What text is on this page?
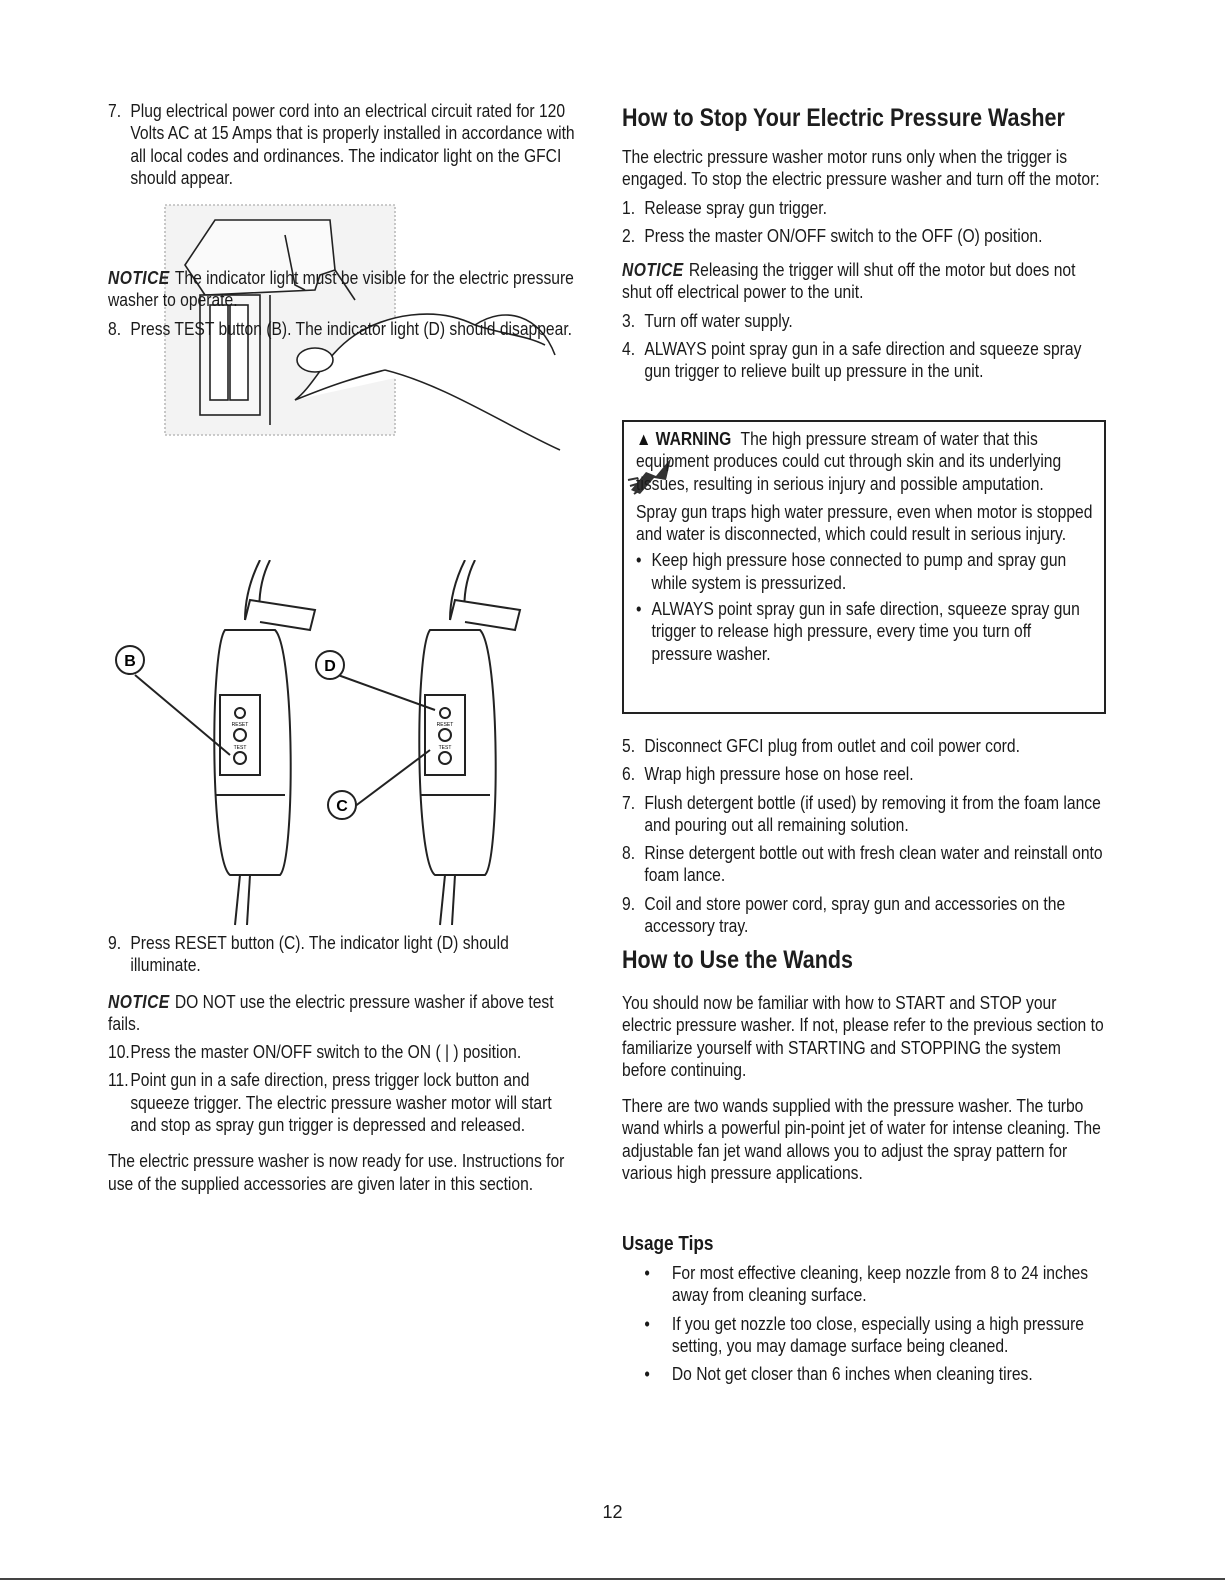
7. Plug electrical power cord into an electrical circuit rated for 120 Volts AC at 15 Amps that is properly installed in accordance with all local codes and ordinances. The indicator light on the GFCI should appear.

NOTICE The indicator light must be visible for the electric pressure washer to operate.

8. Press TEST button (B). The indicator light (D) should disappear.
B	D
C
RESET
TEST
RESET
TEST
9. Press RESET button (C). The indicator light (D) should illuminate.

NOTICE DO NOT use the electric pressure washer if above test fails.

10. Press the master ON/OFF switch to the ON ( | ) position.
11. Point gun in a safe direction, press trigger lock button and squeeze trigger. The electric pressure washer motor will start and stop as spray gun trigger is depressed and released.

The electric pressure washer is now ready for use. Instructions for use of the supplied accessories are given later in this section.

How to Stop Your Electric Pressure Washer

The electric pressure washer motor runs only when the trigger is engaged. To stop the electric pressure washer and turn off the motor:

1. Release spray gun trigger.
2. Press the master ON/OFF switch to the OFF (O) position.

NOTICE Releasing the trigger will shut off the motor but does not shut off electrical power to the unit.

3. Turn off water supply.
4. ALWAYS point spray gun in a safe direction and squeeze spray gun trigger to relieve built up pressure in the unit.

▲ WARNING The high pressure stream of water that this equipment produces could cut through skin and its underlying tissues, resulting in serious injury and possible amputation.

Spray gun traps high water pressure, even when motor is stopped and water is disconnected, which could result in serious injury.

• Keep high pressure hose connected to pump and spray gun while system is pressurized.
• ALWAYS point spray gun in safe direction, squeeze spray gun trigger to release high pressure, every time you turn off pressure washer.
5. Disconnect GFCI plug from outlet and coil power cord.
6. Wrap high pressure hose on hose reel.
7. Flush detergent bottle (if used) by removing it from the foam lance and pouring out all remaining solution.
8. Rinse detergent bottle out with fresh clean water and reinstall onto foam lance.
9. Coil and store power cord, spray gun and accessories on the accessory tray.
How to Use the Wands

You should now be familiar with how to START and STOP your electric pressure washer. If not, please refer to the previous section to familiarize yourself with STARTING and STOPPING the system before continuing.

There are two wands supplied with the pressure washer. The turbo wand whirls a powerful pin-point jet of water for intense cleaning. The adjustable fan jet wand allows you to adjust the spray pattern for various high pressure applications.

Usage Tips
•	For most effective cleaning, keep nozzle from 8 to 24 inches away from cleaning surface.
•	If you get nozzle too close, especially using a high pressure setting, you may damage surface being cleaned.
•	Do Not get closer than 6 inches when cleaning tires.
12
